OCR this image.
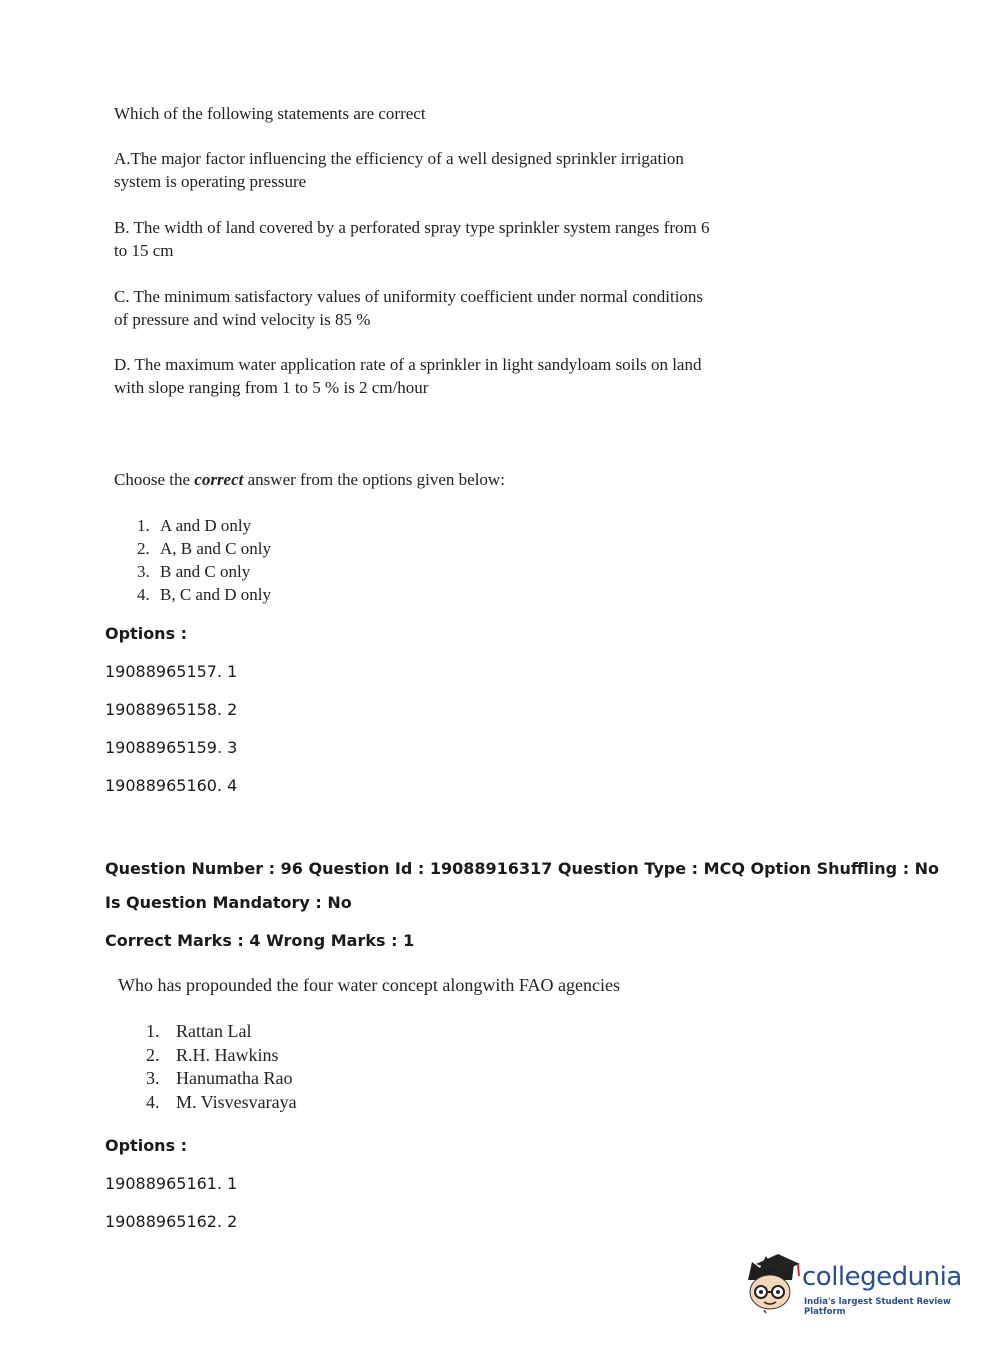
Which of the following statements are correct
A.The major factor influencing the efficiency of a well designed sprinkler irrigation system is operating pressure
B. The width of land covered by a perforated spray type sprinkler system ranges from 6 to 15 cm
C. The minimum satisfactory values of uniformity coefficient under normal conditions of pressure and wind velocity is 85 %
D. The maximum water application rate of a sprinkler in light sandyloam soils on land with slope ranging from 1 to 5 % is 2 cm/hour
Choose the correct answer from the options given below:
1. A and D only
2. A, B and C only
3. B and C only
4. B, C and D only
Options :
19088965157. 1
19088965158. 2
19088965159. 3
19088965160. 4
Question Number : 96 Question Id : 19088916317 Question Type : MCQ Option Shuffling : No
Is Question Mandatory : No
Correct Marks : 4 Wrong Marks : 1
Who has propounded the four water concept alongwith FAO agencies
1. Rattan Lal
2. R.H. Hawkins
3. Hanumatha Rao
4. M. Visvesvaraya
Options :
19088965161. 1
19088965162. 2
collegedunia
India's largest Student Review Platform
